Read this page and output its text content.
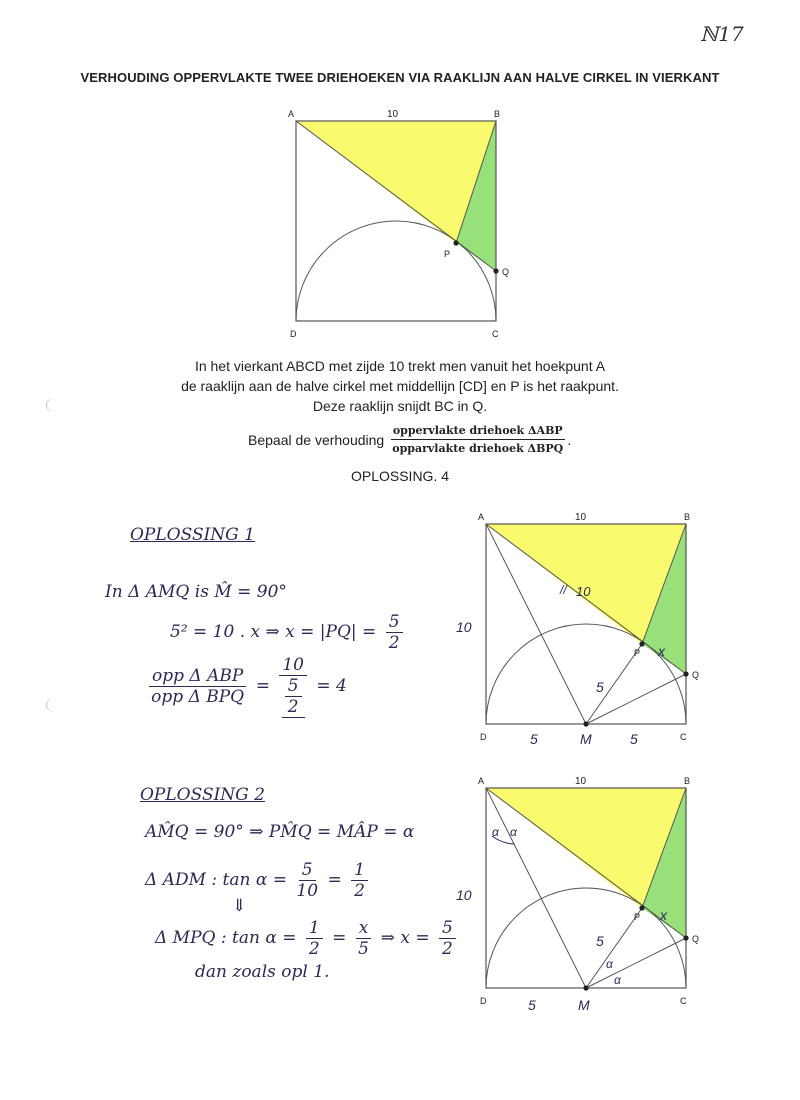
ℕ17
VERHOUDING OPPERVLAKTE TWEE DRIEHOEKEN VIA RAAKLIJN AAN HALVE CIRKEL IN VIERKANT
A	B
C
D
P
Q
10
In het vierkant ABCD met zijde 10 trekt men vanuit het hoekpunt A
de raaklijn aan de halve cirkel met middellijn [CD] en P is het raakpunt.
Deze raaklijn snijdt BC in Q.
Bepaal de verhouding $\frac{\text{oppervlakte driehoek ΔABP}}{\text{opparvlakte driehoek ΔBPQ}}$ .
OPLOSSING. 4
OPLOSSING 1
In Δ AMQ is M̂ = 90°
5² = 10 . x ⇒ $x = |PQ| = \frac{5}{2}$
opp Δ ABP
opp Δ BPQ
= $\frac{10}{\frac{5}{2}} = 4$
A	B
C
D
P
Q
10
M
5	5
5
10
10
//
x
OPLOSSING 2
AM̂Q = 90° ⇒ PM̂Q = MÂP = α
Δ ADM : $\tan \alpha = \frac{5}{10} = \frac{1}{2}$
⇓
Δ MPQ : $\tan \alpha = \frac{1}{2} = \frac{x}{5}$ ⇒ $x = \frac{5}{2}$
dan zoals opl 1.
A	B
C
D
P
Q
10
M
5
5
10
x
α α
α
α
